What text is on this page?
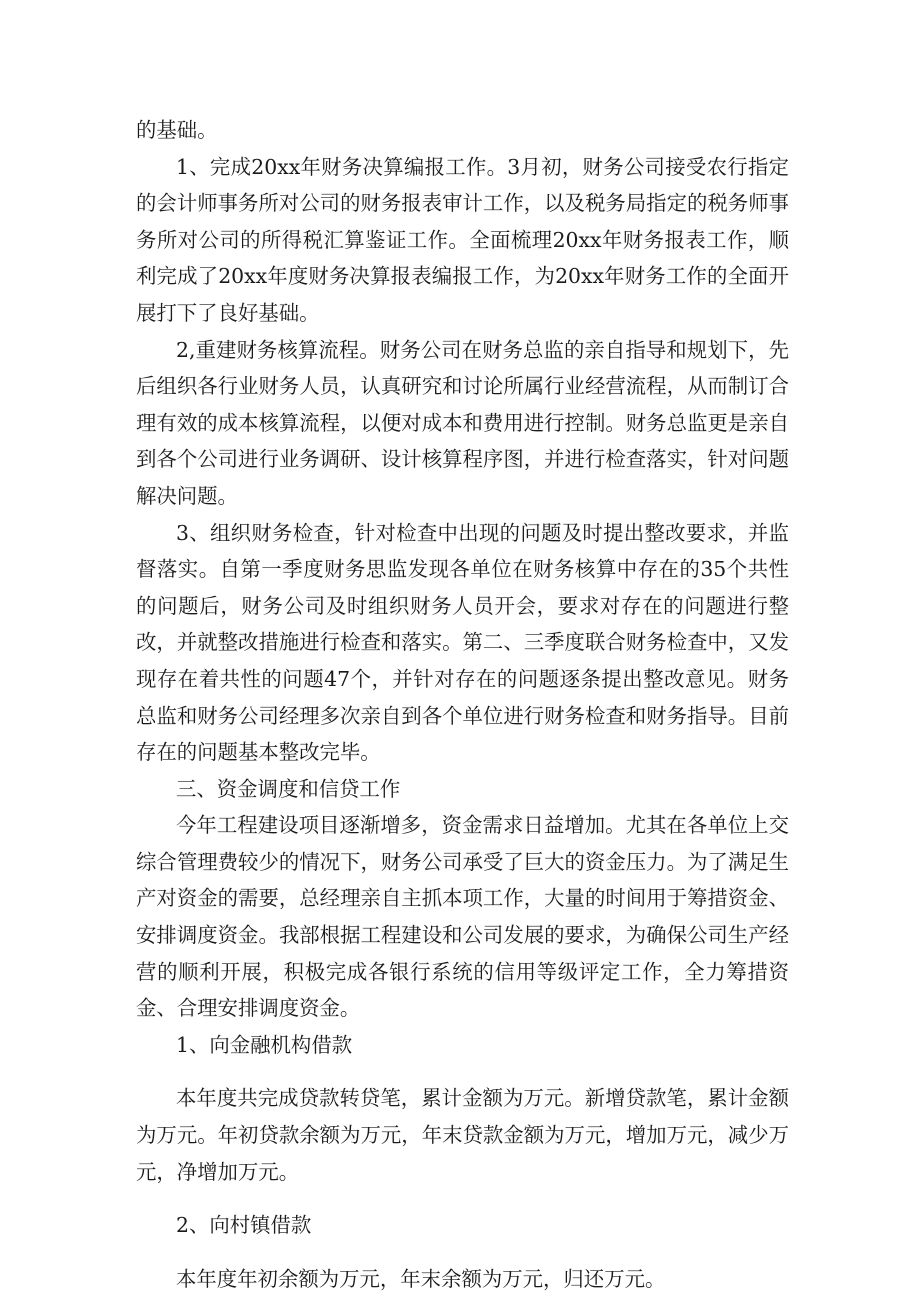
的基础。

1、完成20xx年财务决算编报工作。3月初，财务公司接受农行指定的会计师事务所对公司的财务报表审计工作，以及税务局指定的税务师事务所对公司的所得税汇算鉴证工作。全面梳理20xx年财务报表工作，顺利完成了20xx年度财务决算报表编报工作，为20xx年财务工作的全面开展打下了良好基础。

2,重建财务核算流程。财务公司在财务总监的亲自指导和规划下，先后组织各行业财务人员，认真研究和讨论所属行业经营流程，从而制订合理有效的成本核算流程，以便对成本和费用进行控制。财务总监更是亲自到各个公司进行业务调研、设计核算程序图，并进行检查落实，针对问题解决问题。

3、组织财务检查，针对检查中出现的问题及时提出整改要求，并监督落实。自第一季度财务思监发现各单位在财务核算中存在的35个共性的问题后，财务公司及时组织财务人员开会，要求对存在的问题进行整改，并就整改措施进行检查和落实。第二、三季度联合财务检查中，又发现存在着共性的问题47个，并针对存在的问题逐条提出整改意见。财务总监和财务公司经理多次亲自到各个单位进行财务检查和财务指导。目前存在的问题基本整改完毕。

三、资金调度和信贷工作

今年工程建设项目逐渐增多，资金需求日益增加。尤其在各单位上交综合管理费较少的情况下，财务公司承受了巨大的资金压力。为了满足生产对资金的需要，总经理亲自主抓本项工作，大量的时间用于筹措资金、安排调度资金。我部根据工程建设和公司发展的要求，为确保公司生产经营的顺利开展，积极完成各银行系统的信用等级评定工作，全力筹措资金、合理安排调度资金。

1、向金融机构借款

本年度共完成贷款转贷笔，累计金额为万元。新增贷款笔，累计金额为万元。年初贷款余额为万元，年末贷款金额为万元，增加万元，减少万元，净增加万元。

2、向村镇借款

本年度年初余额为万元，年末余额为万元，归还万元。
